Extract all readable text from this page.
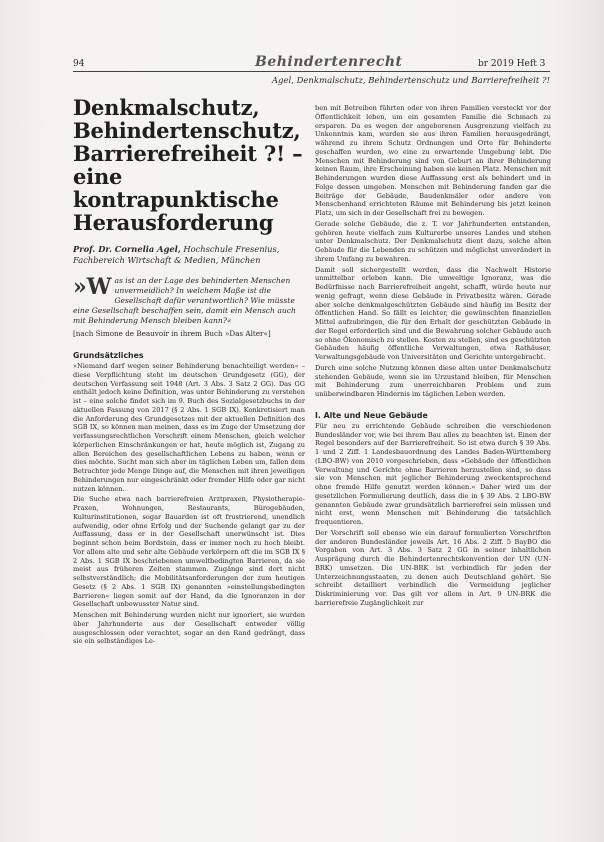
94	Behindertenrecht	br 2019 Heft 3
Agel, Denkmalschutz, Behindertenschutz und Barrierefreiheit ?!
Denkmalschutz, Behindertenschutz, Barrierefreiheit ?! – eine kontrapunktische Herausforderung
Prof. Dr. Cornelia Agel, Hochschule Fresenius, Fachbereich Wirtschaft & Medien, München
»W as ist an der Lage des behinderten Menschen unvermeidlich? In welchem Maße ist die Gesellschaft dafür verantwortlich? Wie müsste eine Gesellschaft beschaffen sein, damit ein Mensch auch mit Behinderung Mensch bleiben kann?«
[nach Simone de Beauvoir in ihrem Buch »Das Alter«]
Grundsätzliches

»Niemand darf wegen seiner Behinderung benachteiligt werden« – diese Verpflichtung steht im deutschen Grundgesetz (GG), der deutschen Verfassung seit 1948 (Art. 3 Abs. 3 Satz 2 GG). Das GG enthält jedoch keine Definition, was unter Behinderung zu verstehen ist – eine solche findet sich im 9. Buch des Sozialgesetzbuchs in der aktuellen Fassung von 2017 (§ 2 Abs. 1 SGB IX). Konkretisiert man die Anforderung des Grundgesetzes mit der aktuellen Definition des SGB IX, so können man meinen, dass es im Zuge der Umsetzung der verfassungsrechtlichen Vorschrift einem Menschen, gleich welcher körperlichen Einschränkungen er hat, heute möglich ist, Zugang zu allen Bereichen des gesellschaftlichen Lebens zu haben, wenn er dies möchte. Sucht man sich aber im täglichen Leben um, fallen dem Betrachter jede Menge Dinge auf, die Menschen mit ihren jeweiligen Behinderungen nur eingeschränkt oder fremder Hilfe oder gar nicht nutzen können.

Die Suche etwa nach barrierefreien Arztpraxen, Physiotherapie-Praxen, Wohnungen, Restaurants, Bürogebäuden, Kulturinstitutionen, sogar Bauarden ist oft frustrierend, unendlich aufwendig, oder ohne Erfolg und der Suchende gelangt gar zu der Auffassung, dass er in der Gesellschaft unerwünscht ist. Dies beginnt schon beim Bordstein, dass er immer noch zu hoch bleibt. Vor allem alte und sehr alte Gebäude verkörpern oft die im SGB IX § 2 Abs. 1 SGB IX beschriebenen umweltbedingten Barrieren, da sie meist aus früheren Zeiten stammen. Zugänge sind dort nicht selbstverständlich; die Mobilitätsanforderungen der zum heutigen Gesetz (§ 2 Abs. 1 SGB IX) genannten »einstellungsbedingten Barrieren« liegen somit auf der Hand, da die Ignoranzen in der Gesellschaft unbewusster Natur sind.

Menschen mit Behinderung wurden nicht nur ignoriert, sie wurden über Jahrhunderte aus der Gesellschaft entweder völlig ausgeschlossen oder verachtet, sogar an den Rand gedrängt, dass sie ein selbständiges Le-

ben mit Betreiben führten oder von ihren Familien versteckt vor der Öffentlichkeit leben, um ein gesamten Familie die Schmach zu ersparen. Da es wegen der angeborenen Ausgrenzung vielfach zu Unkenntnis kam, wurden sie aus ihren Familien herausgedrängt, während zu ihrem Schutz Ordnungen und Orte für Behinderte geschaffen wurden, wo eine zu erwartende Umgebung lebt. Die Menschen mit Behinderung sind von Geburt an ihrer Behinderung keinen Raum, ihre Erscheinung haben sie keinen Platz. Menschen mit Behinderungen wurden diese Auffassung erst als behindert und in Folge dessen umgeben. Menschen mit Behinderung fanden gar die Beiträge der Gebäude, Baudenkmäler oder andere von Menschenhand errichteten Räume mit Behinderung bis jetzt keinen Platz, um sich in der Gesellschaft frei zu bewegen.

Gerade solche Gebäude, die z. T. vor Jahrhunderten entstanden, gehören heute vielfach zum Kulturerbe unseres Landes und stehen unter Denkmalschutz. Der Denkmalschutz dient dazu, solche alten Gebäude für die Lebenden zu schützen und möglichst unverändert in ihrem Umfang zu bewahren.

Damit soll sichergestellt werden, dass die Nachwelt Historie unmittelbar erleben kann. Die umweltige Ignoranz, was die Bedürfnisse nach Barrierefreiheit angeht, schafft, würde heute nur wenig gefragt, wenn diese Gebäude in Privatbesitz wären. Gerade aber solche denkmalgeschützten Gebäude sind häufig im Besitz der öffentlichen Hand. So fällt es leichter, die gewünschten finanziellen Mittel aufzubringen, die für den Erhalt der geschützten Gebäude in der Regel erforderlich sind und die Bewahrung solcher Gebäude auch so ohne Ökonomisch zu stellen. Kosten zu stellen, sind es geschützten Gebäuden häufig öffentliche Verwaltungen, etwa Rathäuser, Verwaltungsgebäude von Universitäten und Gerichte untergebracht.

Durch eine solche Nutzung können diese alten unter Denkmalschutz stehenden Gebäude, wenn sie im Urzustand bleiben, für Menschen mit Behinderung zum unerreichbaren Problem und zum unüberwindbaren Hindernis im täglichen Leben werden.

I. Alte und Neue Gebäude

Für neu zu errichtende Gebäude schreiben die verschiedenen Bundesländer vor, wie bei ihrem Bau alles zu beachten ist. Einen der Regel besonders auf der Barrierefreiheit. So ist etwa durch § 39 Abs. 1 und 2 Ziff. 1 Landesbauordnung des Landes Baden-Württemberg (LBO-BW) von 2010 vorgeschrieben, dass »Gebäude der öffentlichen Verwaltung und Gerichte ohne Barrieren herzustellen sind, so dass sie von Menschen mit jeglicher Behinderung zweckentsprechend ohne fremde Hilfe genutzt werden können.« Daher wird um der gesetzlichen Formulierung deutlich, dass die in § 39 Abs. 2 LBO-BW genannten Gebäude zwar grundsätzlich barrierefrei sein müssen und nicht erst, wenn Menschen mit Behinderung die tatsächlich frequentieren.

Der Vorschrift soll ebenso wie ein darauf formulierten Vorschriften der anderen Bundesländer jeweils Art. 16 Abs. 2 Ziff. 5 BayBO die Vorgaben von Art. 3 Abs. 3 Satz 2 GG in seiner inhaltlichen Ausprägung durch die Behindertenrechtskonvention der UN (UN-BRK) umsetzen. Die UN-BRK ist verbindlich für jeden der Unterzeichnungsstaaten, zu denen auch Deutschland gehört. Sie schreibt detailliert verbindlich die Vermeidung jeglicher Diskriminierung vor. Das gilt vor allem in Art. 9 UN-BRK die barrierefreie Zugänglichkeit zur
